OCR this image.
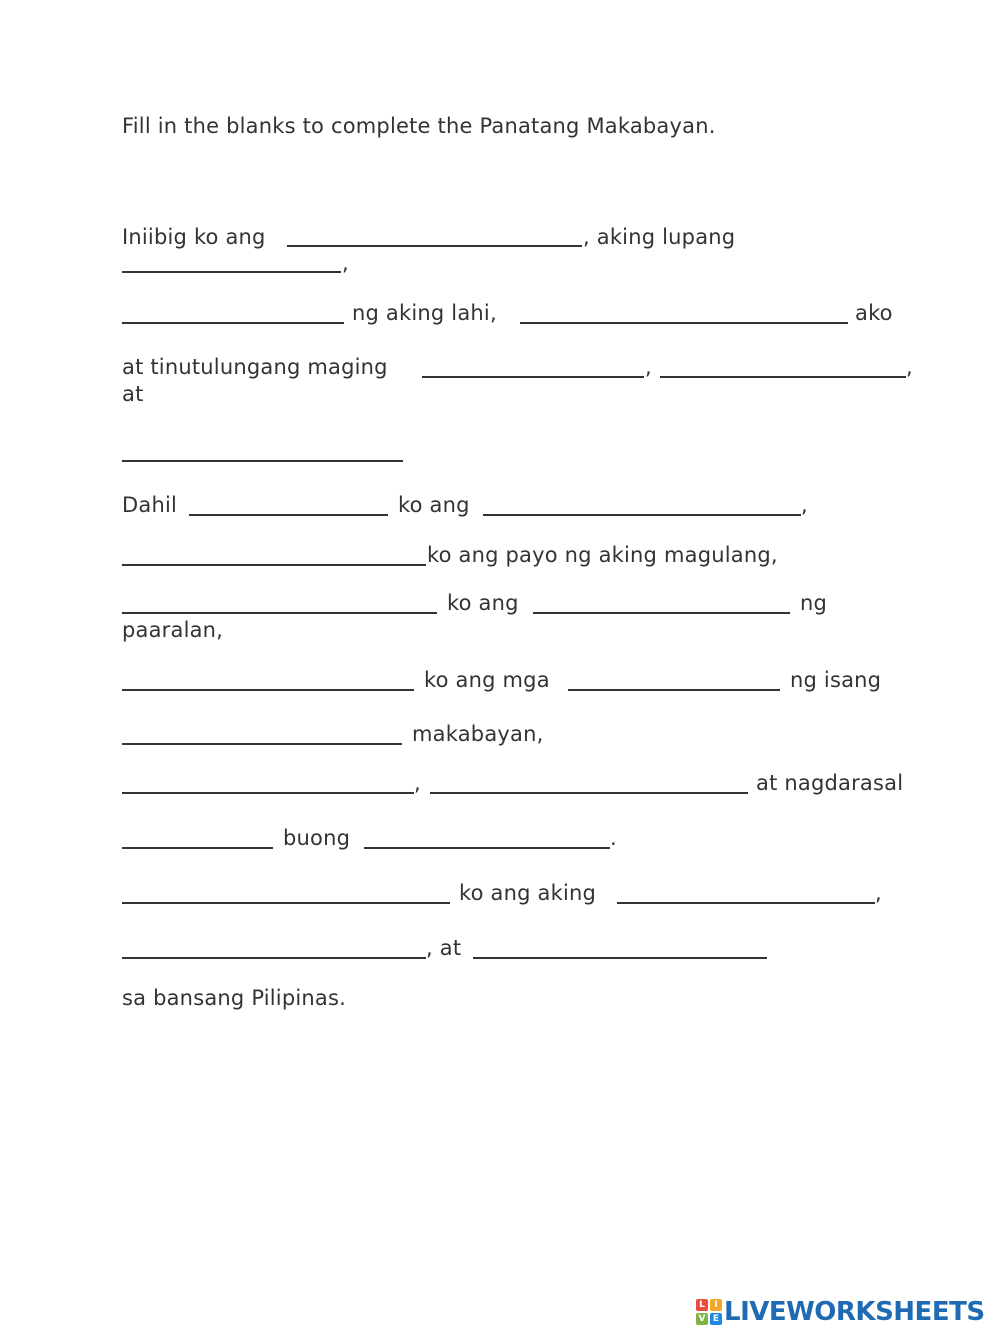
Fill in the blanks to complete the Panatang Makabayan.
Iniibig ko ang	, aking lupang
,
ng aking lahi,	ako
at tinutulungang maging	,	,
at
Dahil	ko ang	,
ko ang payo ng aking magulang,
ko ang	ng
paaralan,
ko ang mga	ng isang
makabayan,
,	at nagdarasal
buong	.
ko ang aking	,
, at
sa bansang Pilipinas.
L	I
V E LIVEWORKSHEETS
